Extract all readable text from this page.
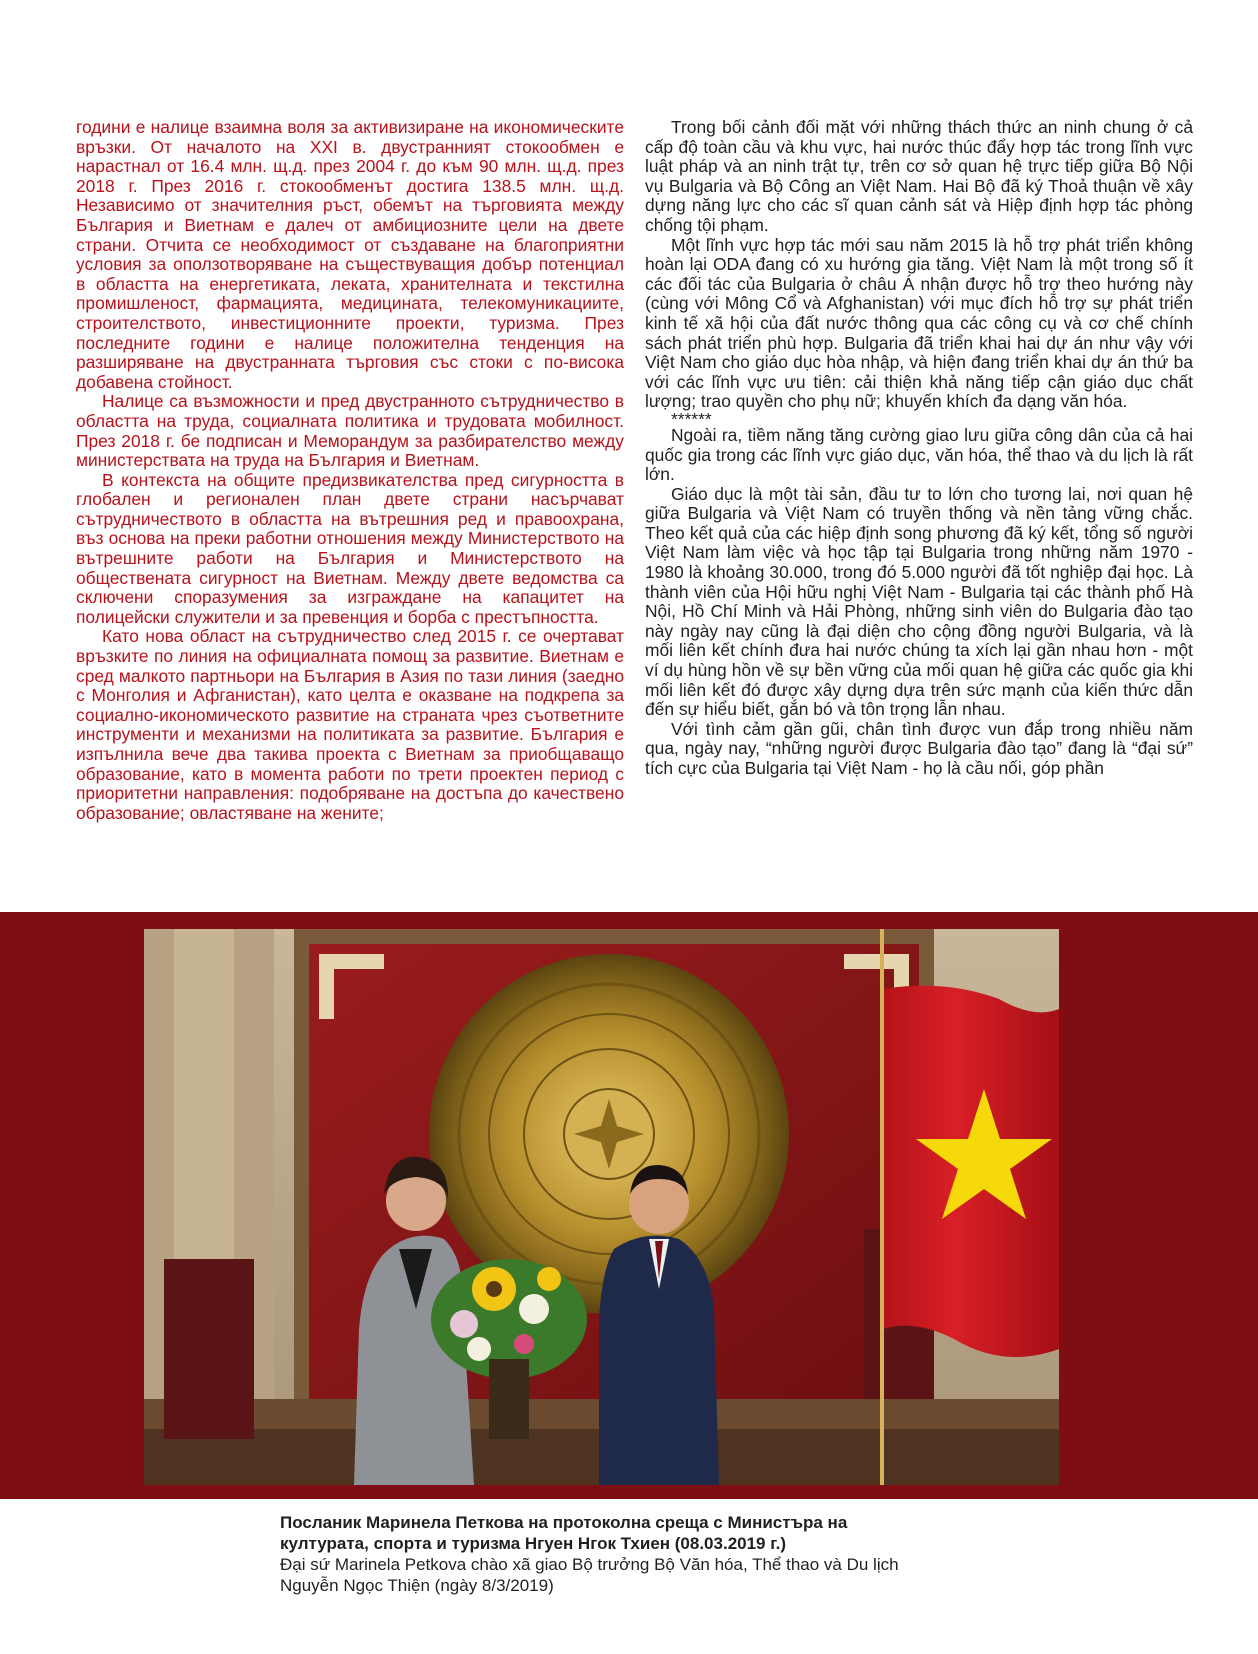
години е налице взаимна воля за активизиране на икономическите връзки. От началото на XXI в. двустранният стокообмен е нарастнал от 16.4 млн. щ.д. през 2004 г. до към 90 млн. щ.д. през 2018 г. През 2016 г. стокообменът достига 138.5 млн. щ.д. Независимо от значителния ръст, обемът на търговията между България и Виетнам е далеч от амбициозните цели на двете страни. Отчита се необходимост от създаване на благоприятни условия за оползотворяване на съществуващия добър потенциал в областта на енергетиката, лекатa, хранителната и текстилна промишленост, фармацията, медицината, телекомуникациите, строителството, инвестиционните проекти, туризма. През последните години е налице положителна тенденция на разширяване на двустранната търговия със стоки с по-висока добавена стойност.

Налице са възможности и пред двустранното сътрудничество в областта на труда, социалната политика и трудовата мобилност. През 2018 г. бе подписан и Меморандум за разбирателство между министерствата на труда на България и Виетнам.

В контекста на общите предизвикателства пред сигурността в глобален и регионален план двете страни насърчават сътрудничеството в областта на вътрешния ред и правоохрана, въз основа на преки работни отношения между Министерството на вътрешните работи на България и Министерството на обществената сигурност на Виетнам. Между двете ведомства са сключени споразумения за изграждане на капацитет на полицейски служители и за превенция и борба с престъпността.

Като нова област на сътрудничество след 2015 г. се очертават връзките по линия на официалната помощ за развитие. Виетнам е сред малкото партньори на България в Азия по тази линия (заедно с Монголия и Афганистан), като целта е оказване на подкрепа за социално-икономическото развитие на страната чрез съответните инструменти и механизми на политиката за развитие. България е изпълнила вече два такива проекта с Виетнам за приобщаващо образование, като в момента работи по трети проектен период с приоритетни направления: подобряване на достъпа до качествено образование; овластяване на жените;

Trong bối cảnh đối mặt với những thách thức an ninh chung ở cả cấp độ toàn cầu và khu vực, hai nước thúc đẩy hợp tác trong lĩnh vực luật pháp và an ninh trật tự, trên cơ sở quan hệ trực tiếp giữa Bộ Nội vụ Bulgaria và Bộ Công an Việt Nam. Hai Bộ đã ký Thoả thuận về xây dựng năng lực cho các sĩ quan cảnh sát và Hiệp định hợp tác phòng chống tội phạm.

Một lĩnh vực hợp tác mới sau năm 2015 là hỗ trợ phát triển không hoàn lại ODA đang có xu hướng gia tăng. Việt Nam là một trong số ít các đối tác của Bulgaria ở châu Á nhận được hỗ trợ theo hướng này (cùng với Mông Cổ và Afghanistan) với mục đích hỗ trợ sự phát triển kinh tế xã hội của đất nước thông qua các công cụ và cơ chế chính sách phát triển phù hợp. Bulgaria đã triển khai hai dự án như vậy với Việt Nam cho giáo dục hòa nhập, và hiện đang triển khai dự án thứ ba với các lĩnh vực ưu tiên: cải thiện khả năng tiếp cận giáo dục chất lượng; trao quyền cho phụ nữ; khuyến khích đa dạng văn hóa.

******

Ngoài ra, tiềm năng tăng cường giao lưu giữa công dân của cả hai quốc gia trong các lĩnh vực giáo dục, văn hóa, thể thao và du lịch là rất lớn.

Giáo dục là một tài sản, đầu tư to lớn cho tương lai, nơi quan hệ giữa Bulgaria và Việt Nam có truyền thống và nền tảng vững chắc. Theo kết quả của các hiệp định song phương đã ký kết, tổng số người Việt Nam làm việc và học tập tại Bulgaria trong những năm 1970 - 1980 là khoảng 30.000, trong đó 5.000 người đã tốt nghiệp đại học. Là thành viên của Hội hữu nghị Việt Nam - Bulgaria tại các thành phố Hà Nội, Hồ Chí Minh và Hải Phòng, những sinh viên do Bulgaria đào tạo này ngày nay cũng là đại diện cho cộng đồng người Bulgaria, và là mối liên kết chính đưa hai nước chúng ta xích lại gần nhau hơn - một ví dụ hùng hồn về sự bền vững của mối quan hệ giữa các quốc gia khi mối liên kết đó được xây dựng dựa trên sức mạnh của kiến thức dẫn đến sự hiểu biết, gắn bó và tôn trọng lẫn nhau.

Với tình cảm gần gũi, chân tình được vun đắp trong nhiều năm qua, ngày nay, “những người được Bulgaria đào tạo” đang là “đại sứ” tích cực của Bulgaria tại Việt Nam - họ là cầu nối, góp phần

Посланик Маринела Петкова на протоколна среща с Министъра на

културата, спорта и туризма Нгуен Нгок Тхиен (08.03.2019 г.)

Đại sứ Marinela Petkova chào xã giao Bộ trưởng Bộ Văn hóa, Thể thao và Du lịch

Nguyễn Ngọc Thiện (ngày 8/3/2019)
